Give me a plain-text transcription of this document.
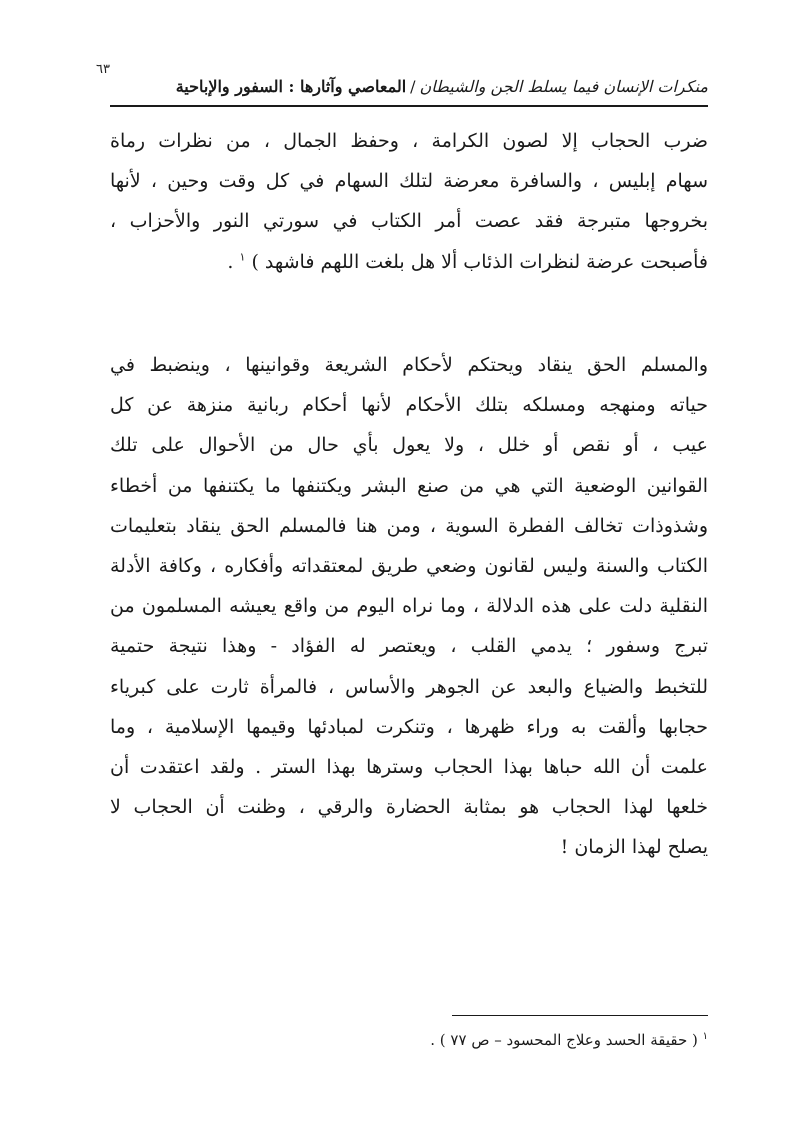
٦٣
منكرات الإنسان فيما يسلط الجن والشيطان/المعاصي وآثارها : السفور والإباحية
ضرب الحجاب إلا لصون الكرامة ، وحفظ الجمال ، من نظرات رماة
سهام إبليس ، والسافرة معرضة لتلك السهام في كل وقت وحين ، لأنها
بخروجها متبرجة فقد عصت أمر الكتاب في سورتي النور والأحزاب ،
فأصبحت عرضة لنظرات الذئاب ألا هل بلغت اللهم فاشهد ) $^١$ .
والمسلم الحق ينقاد ويحتكم لأحكام الشريعة وقوانينها ، وينضبط في
حياته ومنهجه ومسلكه بتلك الأحكام لأنها أحكام ربانية منزهة عن كل
عيب ، أو نقص أو خلل ، ولا يعول بأي حال من الأحوال على تلك
القوانين الوضعية التي هي من صنع البشر ويكتنفها ما يكتنفها من أخطاء
وشذوذات تخالف الفطرة السوية ، ومن هنا فالمسلم الحق ينقاد بتعليمات
الكتاب والسنة وليس لقانون وضعي طريق لمعتقداته وأفكاره ، وكافة الأدلة
النقلية دلت على هذه الدلالة ، وما نراه اليوم من واقع يعيشه المسلمون من
تبرج وسفور ؛ يدمي القلب ، ويعتصر له الفؤاد - وهذا نتيجة حتمية
للتخبط والضياع والبعد عن الجوهر والأساس ، فالمرأة ثارت على كبرياء
حجابها وألقت به وراء ظهرها ، وتنكرت لمبادئها وقيمها الإسلامية ، وما
علمت أن الله حباها بهذا الحجاب وسترها بهذا الستر . ولقد اعتقدت أن
خلعها لهذا الحجاب هو بمثابة الحضارة والرقي ، وظنت أن الحجاب لا
يصلح لهذا الزمان !
$^١$ ( حقيقة الحسد وعلاج المحسود – ص ٧٧ ) .
